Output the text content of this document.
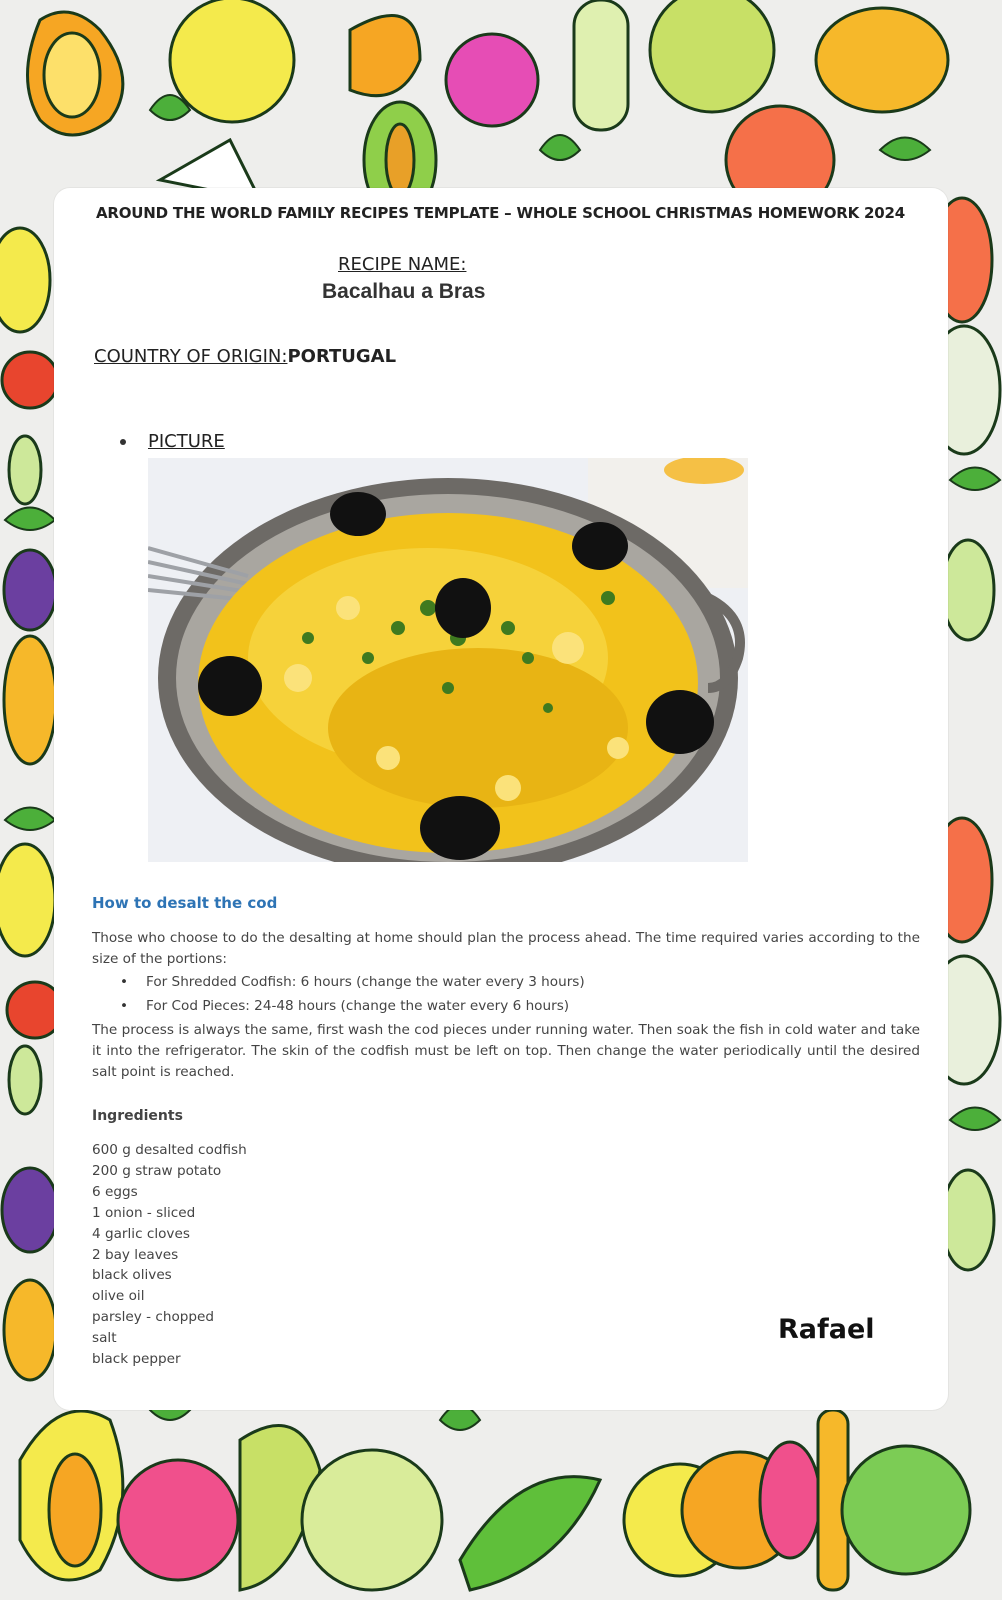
AROUND THE WORLD FAMILY RECIPES TEMPLATE – WHOLE SCHOOL CHRISTMAS HOMEWORK 2024
RECIPE NAME:
Bacalhau a Bras
COUNTRY OF ORIGIN:PORTUGAL
PICTURE
How to desalt the cod
Those who choose to do the desalting at home should plan the process ahead. The time required varies according to the size of the portions:
• For Shredded Codfish: 6 hours (change the water every 3 hours)
• For Cod Pieces: 24-48 hours (change the water every 6 hours)
The process is always the same, first wash the cod pieces under running water. Then soak the fish in cold water and take it into the refrigerator. The skin of the codfish must be left on top. Then change the water periodically until the desired salt point is reached.
Ingredients
600 g desalted codfish
200 g straw potato
6 eggs
1 onion - sliced
4 garlic cloves
2 bay leaves
black olives
olive oil
parsley - chopped
salt
black pepper
Rafael
